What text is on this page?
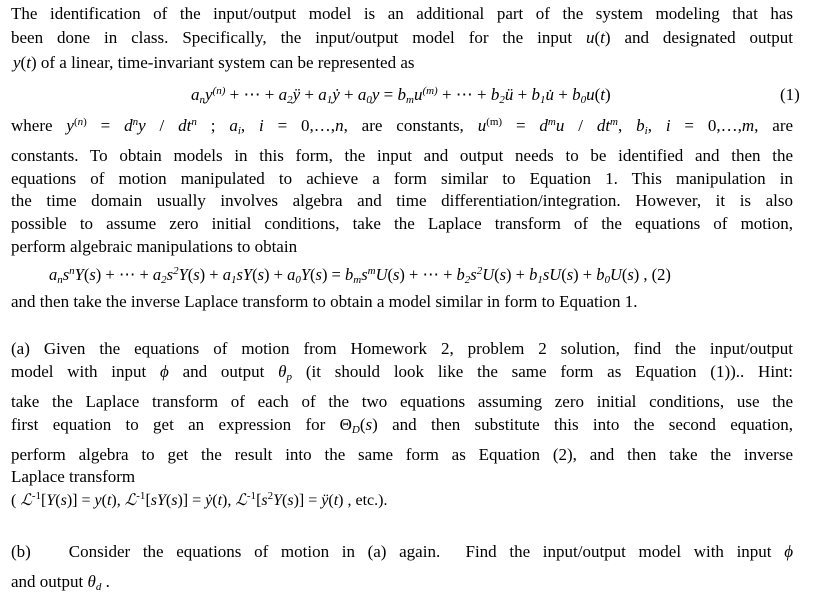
The identification of the input/output model is an additional part of the system modeling that has
been done in class. Specifically, the input/output model for the input u(t) and designated output
y(t) of a linear, time-invariant system can be represented as
$a_ny^{(n)}$ + ⋯ + $a_2ÿ$ + $a_1ẏ + a_0y = b_mu^{(m)}$ + ⋯ + $b_2ü$ + $b_1u̇ + b_0u(t)$	(1)
where $y^{(n)} = d^ny / dt^n$ ; $a_i$, i = 0,…,n, are constants, $u^{(m)} = d^mu / dt^m$, $b_i$, i = 0,…,m, are
constants. To obtain models in this form, the input and output needs to be identified and then the
equations of motion manipulated to achieve a form similar to Equation 1. This manipulation in
the time domain usually involves algebra and time differentiation/integration. However, it is also
possible to assume zero initial conditions, take the Laplace transform of the equations of motion,
perform algebraic manipulations to obtain
$a_ns^nY(s)$ + ⋯ + $a_2s^2Y(s) + a_1sY(s) + a_0Y(s) = b_ms^mU(s)$ + ⋯ + $b_2s^2U(s) + b_1sU(s) + b_0U(s)$ , (2)
and then take the inverse Laplace transform to obtain a model similar in form to Equation 1.
(a) Given the equations of motion from Homework 2, problem 2 solution, find the input/output
model with input ϕ and output $\theta_p$ (it should look like the same form as Equation (1)).. Hint:
take the Laplace transform of each of the two equations assuming zero initial conditions, use the
first equation to get an expression for $\Theta_D(s)$ and then substitute this into the second equation,
perform algebra to get the result into the same form as Equation (2), and then take the inverse
Laplace transform
( ℒ$^{-1}$[Y(s)] = y(t), ℒ$^{-1}$[sY(s)] = ẏ(t), $ℒ^{-1}[s^2Y(s)]$ = ÿ(t) , etc.).
(b)   Consider the equations of motion in (a) again.  Find the input/output model with input ϕ
and output $\theta_d$ .
